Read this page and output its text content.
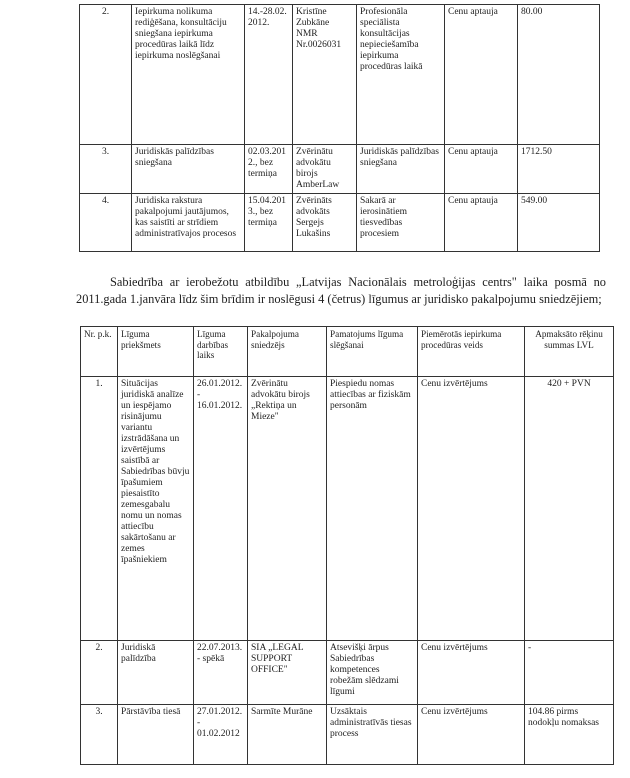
2.	Iepirkuma nolikuma rediģēšana, konsultāciju sniegšana iepirkuma procedūras laikā līdz iepirkuma noslēgšanai	14.-28.02.2012.	Kristīne Zubkāne NMR Nr.0026031	Profesionāla speciālista konsultācijas nepieciešamība iepirkuma procedūras laikā	Cenu aptauja	80.00
3.	Juridiskās palīdzības sniegšana	02.03.2012., bez termiņa	Zvērinātu advokātu birojs AmberLaw	Juridiskās palīdzības sniegšana	Cenu aptauja	1712.50
4.	Juridiska rakstura pakalpojumi jautājumos, kas saistīti ar strīdiem administratīvajos procesos	15.04.2013., bez termiņa	Zvērināts advokāts Sergejs Lukašins	Sakarā ar ierosinātiem tiesvedības procesiem	Cenu aptauja	549.00

Sabiedrība ar ierobežotu atbildību „Latvijas Nacionālais metroloģijas centrs" laika posmā no 2011.gada 1.janvāra līdz šim brīdim ir noslēgusi 4 (četrus) līgumus ar juridisko pakalpojumu sniedzējiem;

Nr. p.k.	Līguma priekšmets	Līguma darbības laiks	Pakalpojuma sniedzējs	Pamatojums līguma slēgšanai	Piemērotās iepirkuma procedūras veids	Apmaksāto rēķinu summas LVL
1.	Situācijas juridiskā analīze un iespējamo risinājumu variantu izstrādāšana un izvērtējums saistībā ar Sabiedrības būvju īpašumiem piesaistīto zemesgabalu nomu un nomas attiecību sakārtošanu ar zemes īpašniekiem	26.01.2012. - 16.01.2012.	Zvērinātu advokātu birojs „Rektiņa un Mieze"	Piespiedu nomas attiecības ar fiziskām personām	Cenu izvērtējums	420 + PVN
2.	Juridiskā palīdzība	22.07.2013. - spēkā	SIA „LEGAL SUPPORT OFFICE"	Atsevišķi ārpus Sabiedrības kompetences robežām slēdzami līgumi	Cenu izvērtējums	-
3.	Pārstāvība tiesā	27.01.2012. - 01.02.2012	Sarmīte Murāne	Uzsāktais administratīvās tiesas process	Cenu izvērtējums	104.86 pirms nodokļu nomaksas
